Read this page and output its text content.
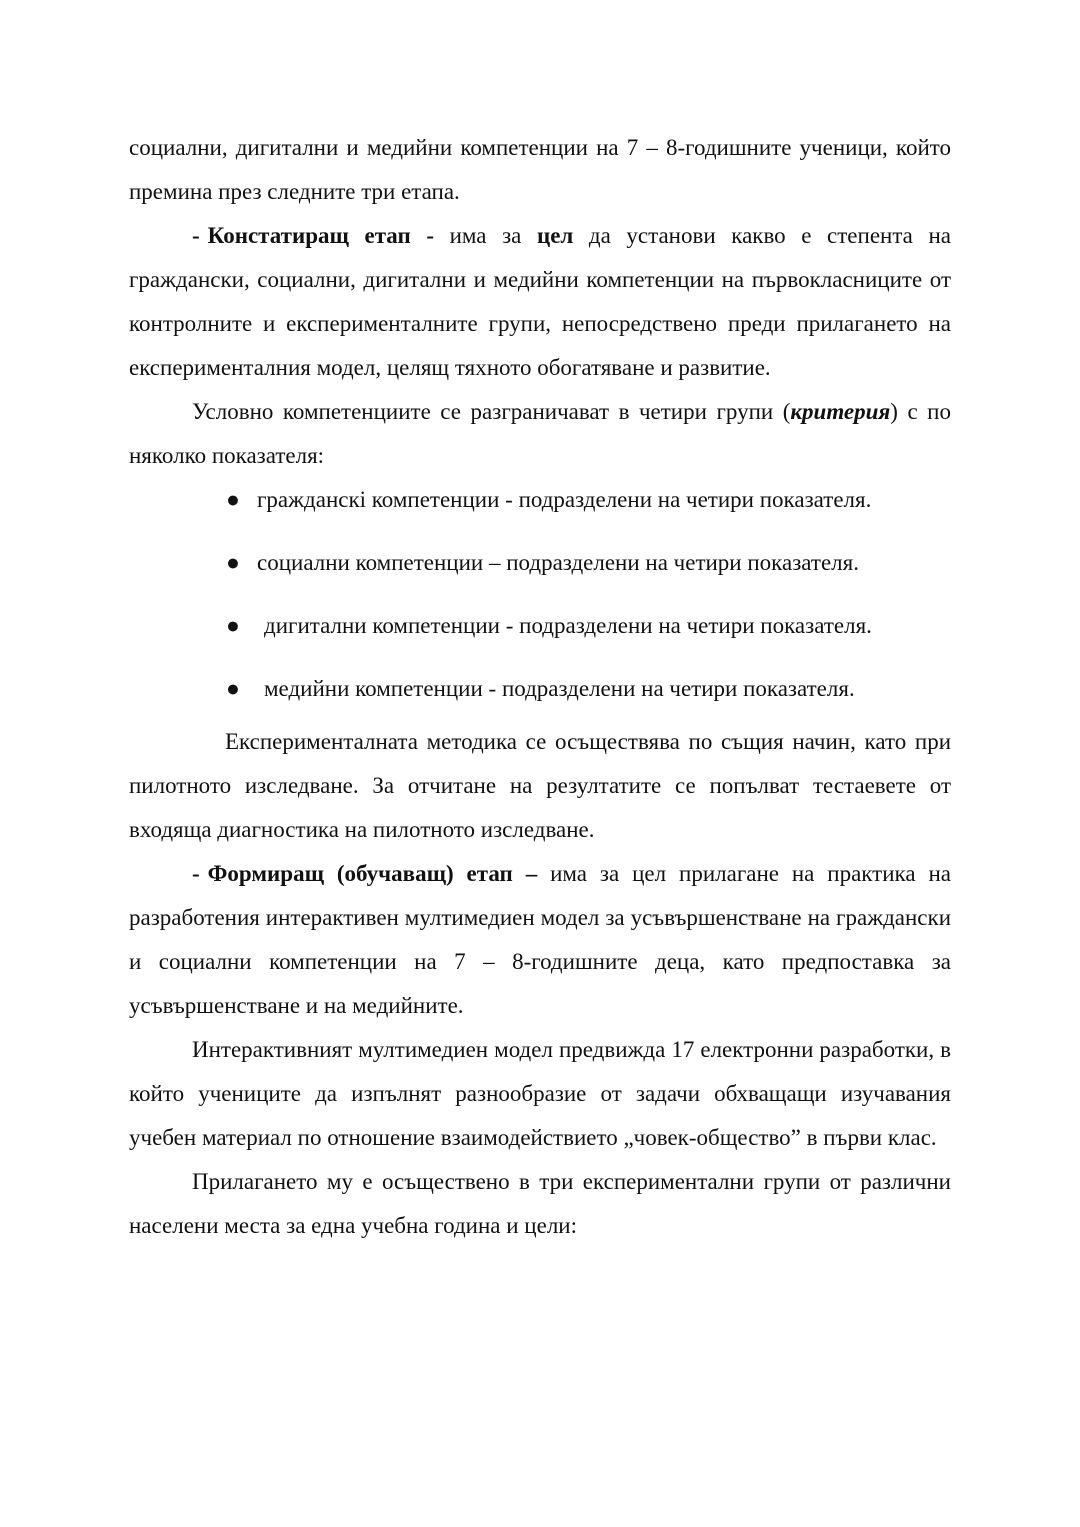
социални, дигитални и медийни компетенции на 7 – 8-годишните ученици, който премина през следните три етапа.

- Констатиращ етап - има за цел да установи какво е степента на граждански, социални, дигитални и медийни компетенции на първокласниците от контролните и експерименталните групи, непосредствено преди прилагането на експерименталния модел, целящ тяхното обогатяване и развитие.

Условно компетенциите се разграничават в четири групи (критерия) с по няколко показателя:

● гражданскi компетенции - подразделени на четири показателя.
● социални компетенции – подразделени на четири показателя.
● дигитални компетенции - подразделени на четири показателя.
● медийни компетенции - подразделени на четири показателя.

Експерименталната методика се осъществява по същия начин, като при пилотното изследване. За отчитане на резултатите се попълват тестаевете от входяща диагностика на пилотното изследване.

- Формиращ (обучаващ) етап – има за цел прилагане на практика на разработения интерактивен мултимедиен модел за усъвършенстване на граждански и социални компетенции на 7 – 8-годишните деца, като предпоставка за усъвършенстване и на медийните.

Интерактивният мултимедиен модел предвижда 17 електронни разработки, в който учениците да изпълнят разнообразие от задачи обхващащи изучавания учебен материал по отношение взаимодействието „човек-общество” в първи клас.

Прилагането му е осъществено в три експериментални групи от различни населени места за една учебна година и цели:
